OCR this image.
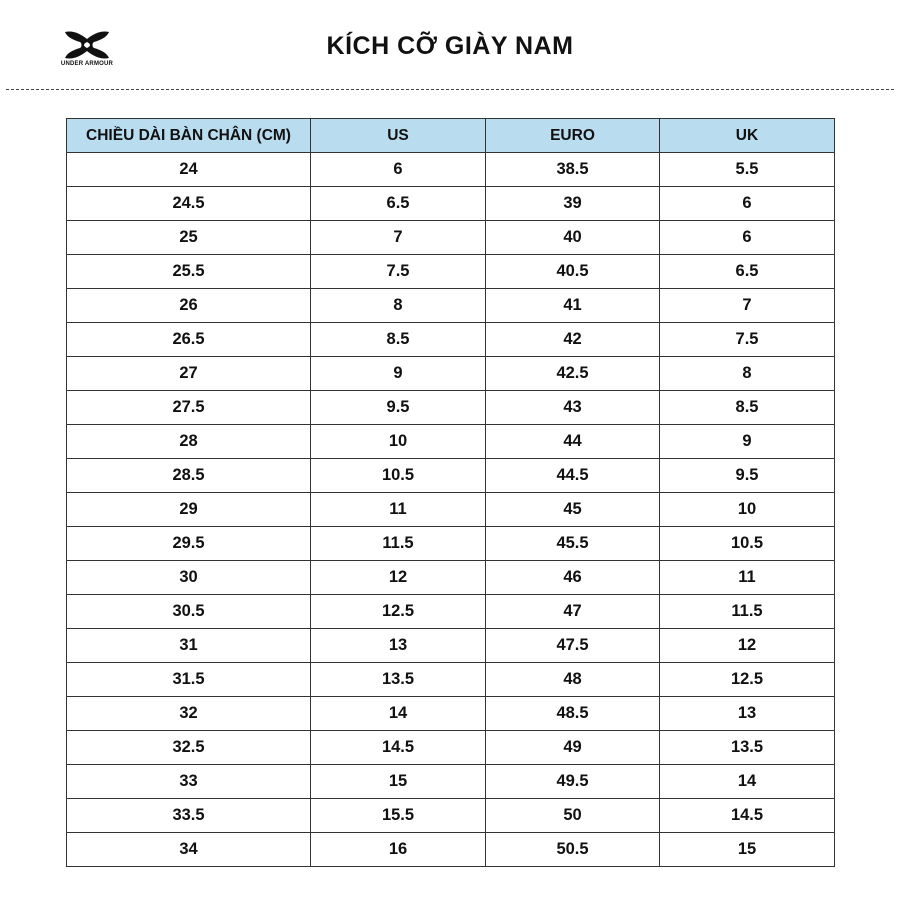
UNDER ARMOUR
KÍCH CỠ GIÀY NAM
CHIỀU DÀI BÀN CHÂN (CM)	US	EURO	UK
24	6	38.5	5.5
24.5	6.5	39	6
25	7	40	6
25.5	7.5	40.5	6.5
26	8	41	7
26.5	8.5	42	7.5
27	9	42.5	8
27.5	9.5	43	8.5
28	10	44	9
28.5	10.5	44.5	9.5
29	11	45	10
29.5	11.5	45.5	10.5
30	12	46	11
30.5	12.5	47	11.5
31	13	47.5	12
31.5	13.5	48	12.5
32	14	48.5	13
32.5	14.5	49	13.5
33	15	49.5	14
33.5	15.5	50	14.5
34	16	50.5	15
